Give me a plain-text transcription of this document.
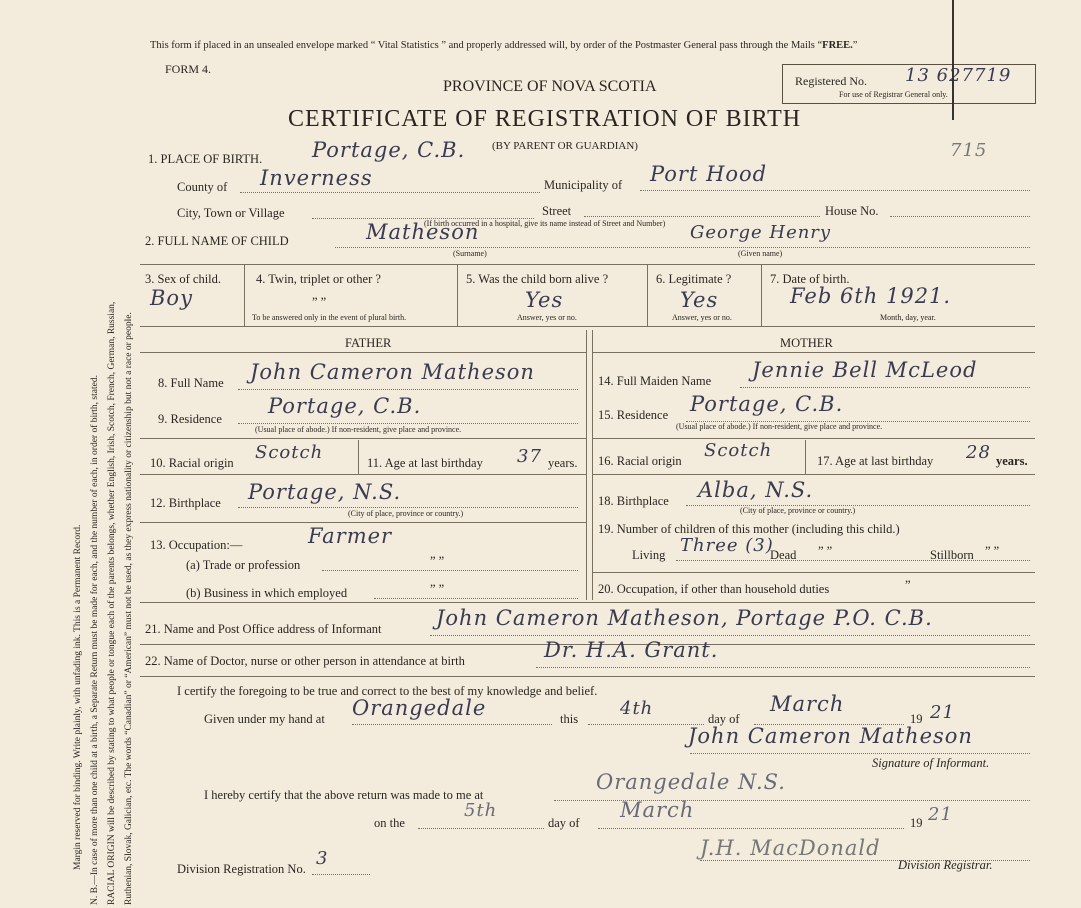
Margin reserved for binding. Write plainly, with unfading ink. This is a Permanent Record. N. B.—In case of more than one child at a birth, a Separate Return must be made for each, and the number of each, in order of birth, stated. RACIAL ORIGIN will be described by stating to what people or tongue each of the parents belongs, whether English, Irish, Scotch, French, German, Russian, Ruthenian, Slovak, Galician, etc. The words “Canadian” or “American” must not be used, as they express nationality or citizenship but not a race or people.
This form if placed in an unsealed envelope marked “ Vital Statistics ” and properly addressed will, by order of the Postmaster General pass through the Mails “FREE.”
FORM 4.
PROVINCE OF NOVA SCOTIA
CERTIFICATE OF REGISTRATION OF BIRTH
Registered No. 13 627719
For use of Registrar General only.
1. PLACE OF BIRTH. Portage, C.B. (BY PARENT OR GUARDIAN)	715
County of Inverness	Municipality of Port Hood
City, Town or Village	Street	House No.
(If birth occurred in a hospital, give its name instead of Street and Number)
2. FULL NAME OF CHILD	Matheson	George Henry
(Surname)	(Given name)
3. Sex of child.
Boy
4. Twin, triplet or other ?
” ”
To be answered only in the event of plural birth.
5. Was the child born alive ?
Yes
Answer, yes or no.
6. Legitimate ?
Yes
Answer, yes or no.
7. Date of birth.
Feb 6th 1921.
Month, day, year.
FATHER	MOTHER
8. Full Name John Cameron Matheson
9. Residence
Portage, C.B.
(Usual place of abode.) If non-resident, give place and province.
10. Racial origin Scotch	11. Age at last birthday 37 years.
12. Birthplace Portage, N.S.
(City of place, province or country.)
13. Occupation:—	Farmer
(a) Trade or profession	” ”
(b) Business in which employed	” ”
14. Full Maiden Name Jennie Bell McLeod
15. Residence Portage, C.B.
(Usual place of abode.) If non-resident, give place and province.
16. Racial origin Scotch	17. Age at last birthday 28 years.
18. Birthplace Alba, N.S.
(City of place, province or country.)
19. Number of children of this mother (including this child.)
Living Three (3)
Dead ” ”	Stillborn ” ”
20. Occupation, if other than household duties	”
21. Name and Post Office address of Informant	John Cameron Matheson, Portage P.O. C.B.
22. Name of Doctor, nurse or other person in attendance at birth	Dr. H.A. Grant.
I certify the foregoing to be true and correct to the best of my knowledge and belief.
Given under my hand at Orangedale	this 4th	day of
March
19 21
John Cameron Matheson
Signature of Informant.
I hereby certify that the above return was made to me at
Orangedale N.S.
on the
5th
day of
March
19 21
Division Registration No. 3	J.H. MacDonald
Division Registrar.
